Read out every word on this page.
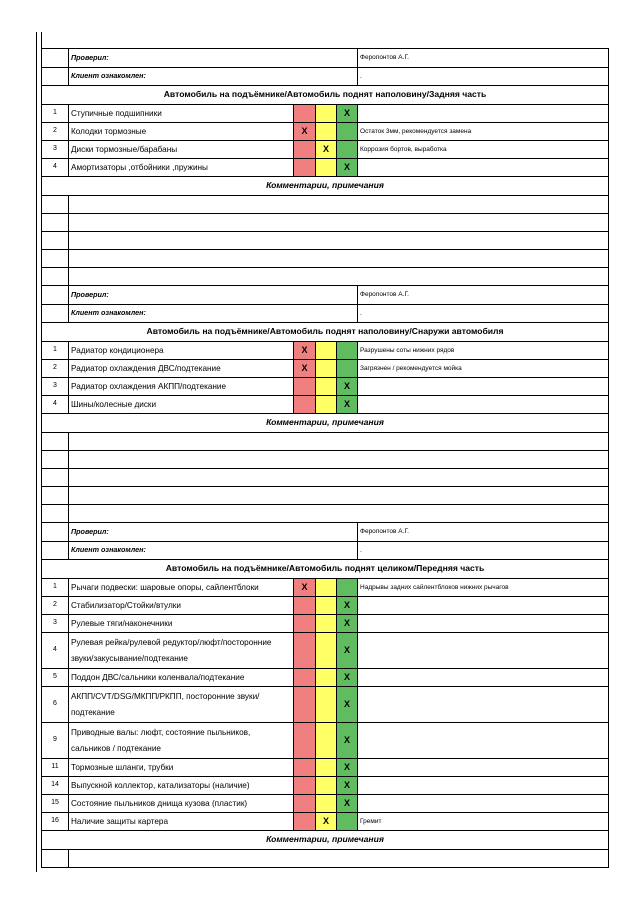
	Проверил:				Феропонтов А.Г.
	Клиент ознакомлен:				.
Автомобиль на подъёмнике/Автомобиль поднят наполовину/Задняя часть					
1	Ступичные подшипники			X	
2	Колодки тормозные	X			Остаток 3мм, рекомендуется замена
3	Диски тормозные/барабаны		X		Коррозия бортов, выработка
4	Амортизаторы ,отбойники ,пружины			X	
Комментарии, примечания					

	Проверил:				Феропонтов А.Г.
	Клиент ознакомлен:				.
Автомобиль на подъёмнике/Автомобиль поднят наполовину/Снаружи автомобиля					
1	Радиатор кондиционера	X			Разрушены соты нижних рядов
2	Радиатор охлаждения ДВС/подтекание	X			Загрязнен / рекомендуется мойка
3	Радиатор охлаждения АКПП/подтекание			X	
4	Шины/колесные диски			X	
Комментарии, примечания					

	Проверил:				Феропонтов А.Г.
	Клиент ознакомлен:				.
Автомобиль на подъёмнике/Автомобиль поднят целиком/Передняя часть					
1	Рычаги подвески: шаровые опоры, сайлентблоки	X			Надрывы задних сайлентблоков нижних рычагов
2	Стабилизатор/Стойки/втулки			X	
3	Рулевые тяги/наконечники			X	
4	Рулевая рейка/рулевой редуктор/люфт/посторонние звуки/закусывание/подтекание			X	
5	Поддон ДВС/сальники коленвала/подтекание			X	
6	АКПП/CVT/DSG/МКПП/РКПП, посторонние звуки/ подтекание			X	
9	Приводные валы: люфт, состояние пыльников, сальников / подтекание			X	
11	Тормозные шланги, трубки			X	
14	Выпускной коллектор, катализаторы (наличие)			X	
15	Состояние пыльников днища кузова (пластик)			X	
16	Наличие защиты картера		X		Гремит
Комментарии, примечания					
